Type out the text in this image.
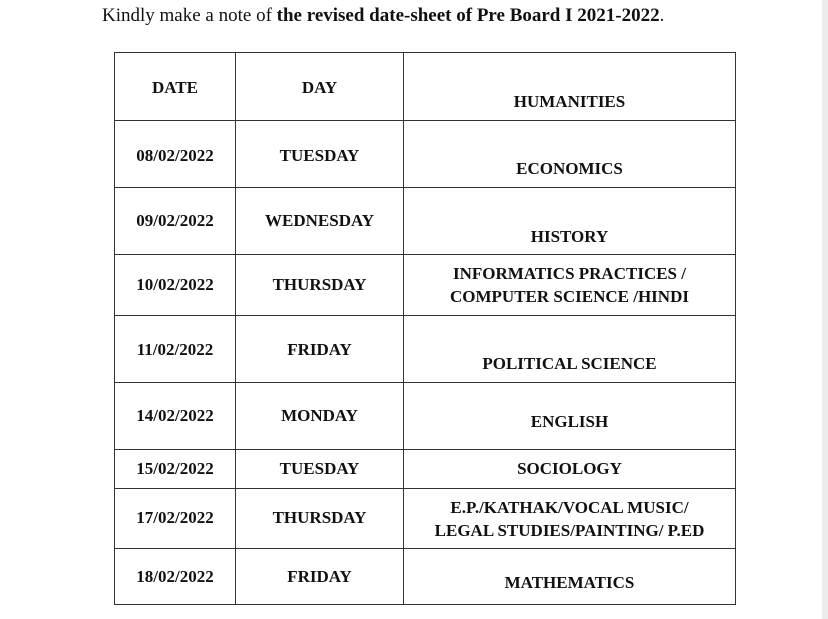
Kindly make a note of the revised date-sheet of Pre Board I 2021-2022.
DATE	DAY	HUMANITIES

08/02/2022	TUESDAY	ECONOMICS

09/02/2022	WEDNESDAY	HISTORY

10/02/2022	THURSDAY	INFORMATICS PRACTICES /
COMPUTER SCIENCE /HINDI

11/02/2022	FRIDAY	POLITICAL SCIENCE

14/02/2022	MONDAY	ENGLISH

15/02/2022	TUESDAY	SOCIOLOGY

17/02/2022	THURSDAY	E.P./KATHAK/VOCAL MUSIC/
LEGAL STUDIES/PAINTING/ P.ED

18/02/2022	FRIDAY	MATHEMATICS
